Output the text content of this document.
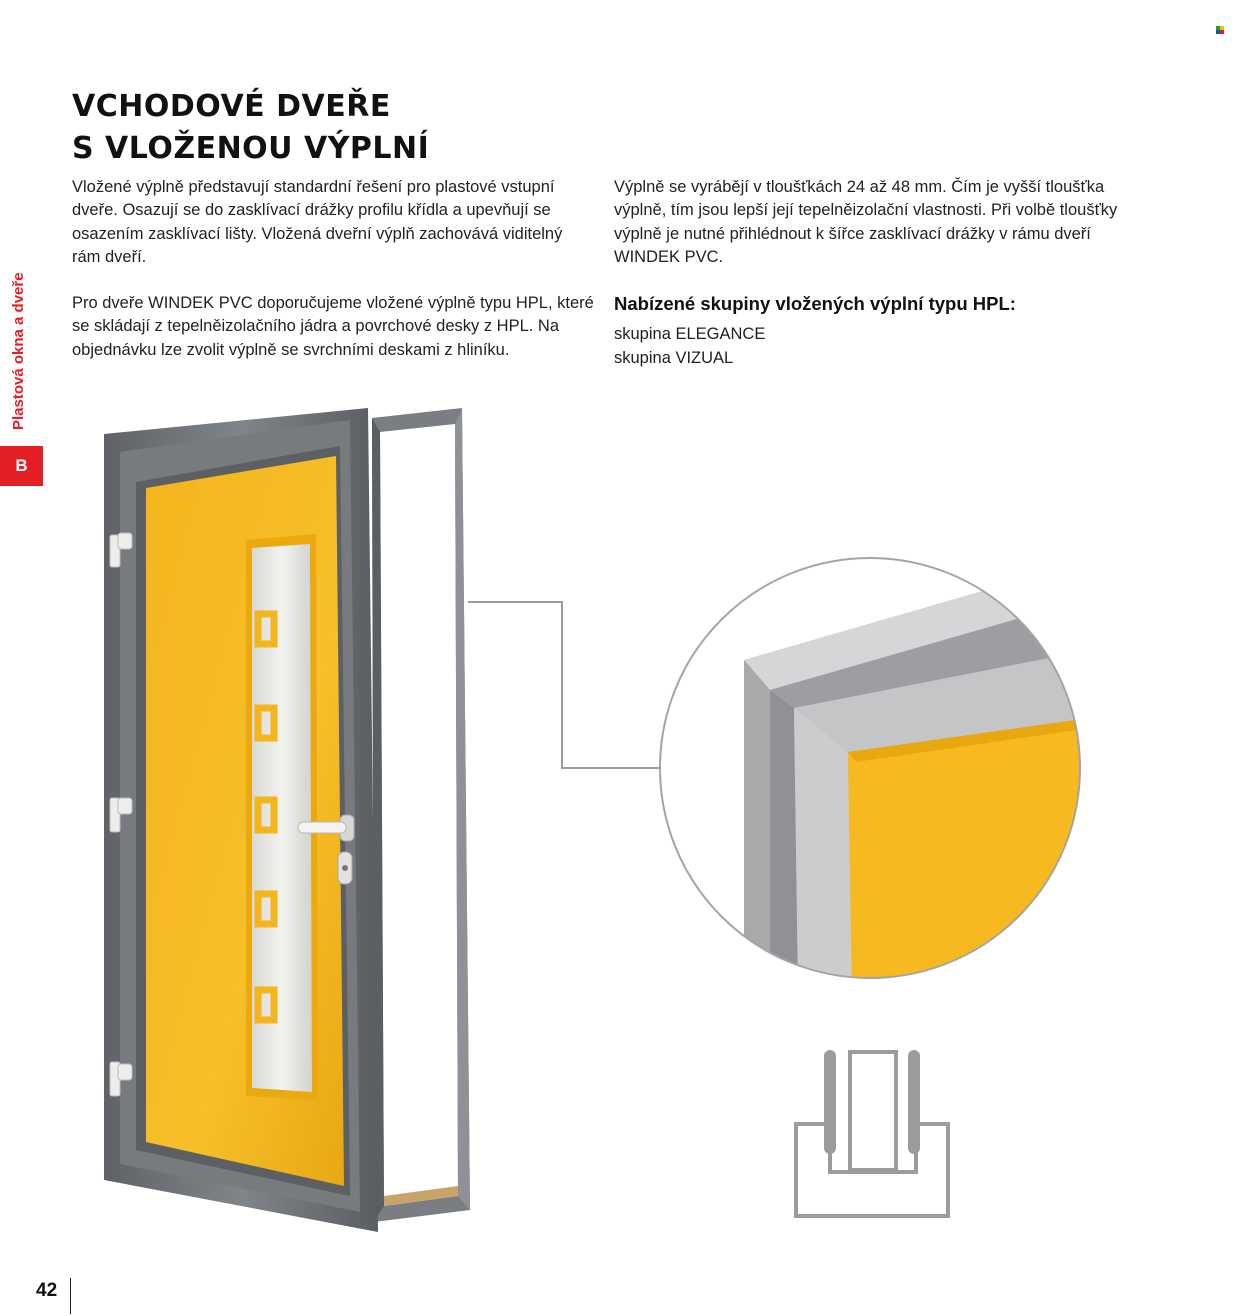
Plastová okna a dveře
B
VCHODOVÉ DVEŘE
S VLOŽENOU VÝPLNÍ

Vložené výplně představují standardní řešení pro plastové vstupní dveře. Osazují se do zasklívací drážky profilu křídla a upevňují se osazením zasklívací lišty. Vložená dveřní výplň zachovává viditelný rám dveří.

Pro dveře WINDEK PVC doporučujeme vložené výplně typu HPL, které se skládají z tepelněizolačního jádra a povrchové desky z HPL. Na objednávku lze zvolit výplně se svrchními deskami z hliníku.

Výplně se vyrábějí v tloušťkách 24 až 48 mm. Čím je vyšší tloušťka výplně, tím jsou lepší její tepelněizolační vlastnosti. Při volbě tloušťky výplně je nutné přihlédnout k šířce zasklívací drážky v rámu dveří WINDEK PVC.

Nabízené skupiny vložených výplní typu HPL:
skupina ELEGANCE
skupina VIZUAL
42
